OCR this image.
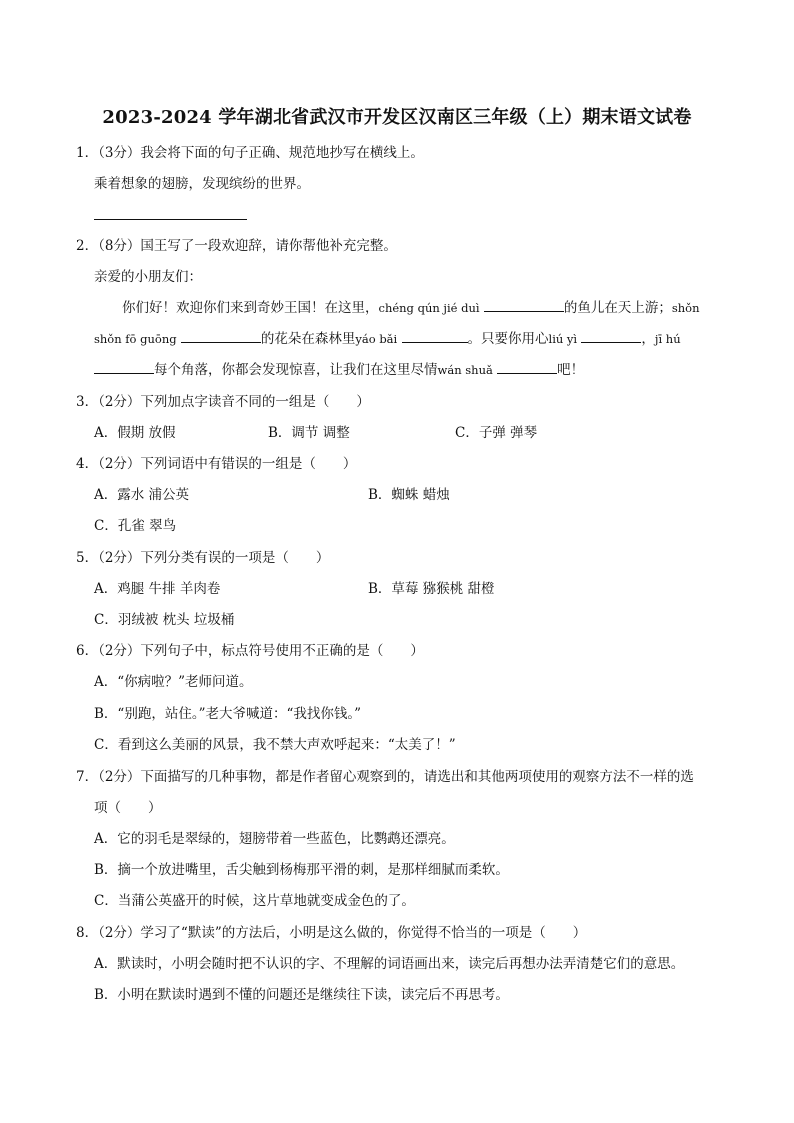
2023-2024 学年湖北省武汉市开发区汉南区三年级（上）期末语文试卷
1．（3分）我会将下面的句子正确、规范地抄写在横线上。
乘着想象的翅膀，发现缤纷的世界。
2．（8分）国王写了一段欢迎辞，请你帮他补充完整。
亲爱的小朋友们：
你们好！欢迎你们来到奇妙王国！在这里，chéng qún jié duì	的鱼儿在天上游；shǒn
shǒn fō guōng	的花朵在森林里yáo bǎi	。只要你用心liú yì	，jī hú
每个角落，你都会发现惊喜，让我们在这里尽情wán shuǎ	吧！
3．（2分）下列加点字读音不同的一组是（　　）
A．假期 放假	B．调节 调整	C．子弹 弹琴
4．（2分）下列词语中有错误的一组是（　　）
A．露水 浦公英	B．蜘蛛 蜡烛
C．孔雀 翠鸟
5．（2分）下列分类有误的一项是（　　）
A．鸡腿 牛排 羊肉卷	B．草莓 猕猴桃 甜橙
C．羽绒被 枕头 垃圾桶
6．（2分）下列句子中，标点符号使用不正确的是（　　）
A．“你病啦？”老师问道。
B．“别跑，站住。”老大爷喊道：“我找你钱。”
C．看到这么美丽的风景，我不禁大声欢呼起来：“太美了！”
7．（2分）下面描写的几种事物，都是作者留心观察到的，请选出和其他两项使用的观察方法不一样的选
项（　　）
A．它的羽毛是翠绿的，翅膀带着一些蓝色，比鹦鹉还漂亮。
B．摘一个放进嘴里，舌尖触到杨梅那平滑的刺，是那样细腻而柔软。
C．当蒲公英盛开的时候，这片草地就变成金色的了。
8．（2分）学习了“默读”的方法后，小明是这么做的，你觉得不恰当的一项是（　　）
A．默读时，小明会随时把不认识的字、不理解的词语画出来，读完后再想办法弄清楚它们的意思。
B．小明在默读时遇到不懂的问题还是继续往下读，读完后不再思考。
